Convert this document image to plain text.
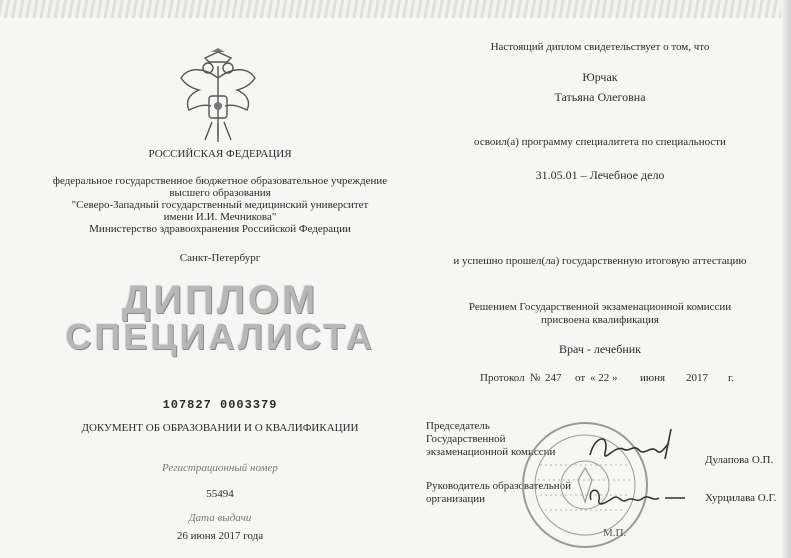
РОССИЙСКАЯ ФЕДЕРАЦИЯ
федеральное государственное бюджетное образовательное учреждение
высшего образования
"Северо-Западный государственный медицинский университет
имени И.И. Мечникова"
Министерство здравоохранения Российской Федерации
Санкт-Петербург
ДИПЛОМ
СПЕЦИАЛИСТА
107827 0003379
ДОКУМЕНТ ОБ ОБРАЗОВАНИИ И О КВАЛИФИКАЦИИ
Регистрационный номер
55494
Дата выдачи
26 июня 2017 года
Настоящий диплом свидетельствует о том, что
Юрчак
Татьяна Олеговна
освоил(а) программу специалитета по специальности
31.05.01 – Лечебное дело
и успешно прошел(ла) государственную итоговую аттестацию
Решением Государственной экзаменационной комиссии
присвоена квалификация
Врач - лечебник
Протокол № 247 от « 22 » июня 2017 г.
Председатель
Государственной
экзаменационной комиссии
Дулапова О.П.
Руководитель образовательной
организации	Хурцилава О.Г.
М.П.
